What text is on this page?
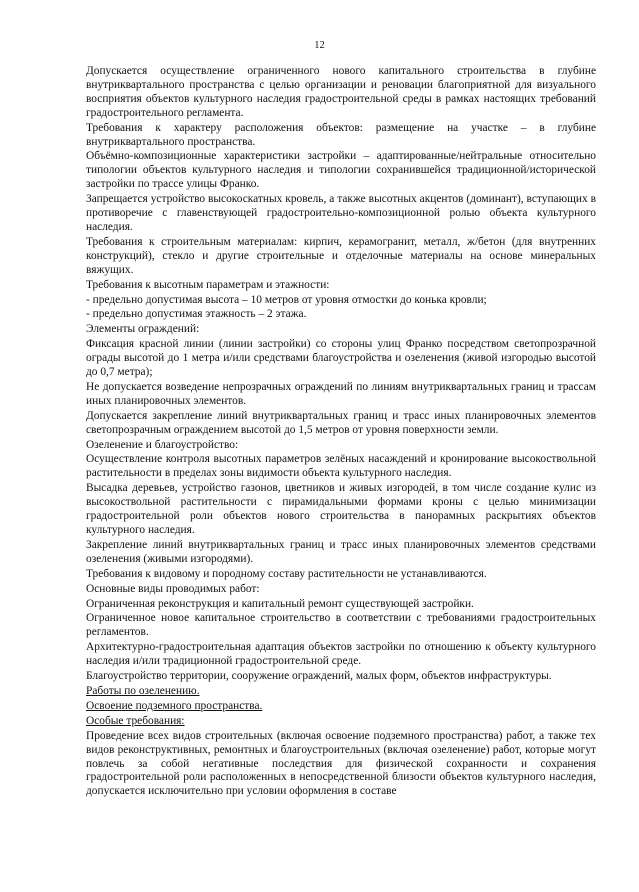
12

Допускается осуществление ограниченного нового капитального строительства в глубине внутриквартального пространства с целью организации и реновации благоприятной для визуального восприятия объектов культурного наследия градостроительной среды в рамках настоящих требований градостроительного регламента.

Требования к характеру расположения объектов: размещение на участке – в глубине внутриквартального пространства.

Объёмно-композиционные характеристики застройки – адаптированные/нейтральные относительно типологии объектов культурного наследия и типологии сохранившейся традиционной/исторической застройки по трассе улицы Франко.

Запрещается устройство высокоскатных кровель, а также высотных акцентов (доминант), вступающих в противоречие с главенствующей градостроительно-композиционной ролью объекта культурного наследия.

Требования к строительным материалам: кирпич, керамогранит, металл, ж/бетон (для внутренних конструкций), стекло и другие строительные и отделочные материалы на основе минеральных вяжущих.

Требования к высотным параметрам и этажности:

- предельно допустимая высота – 10 метров от уровня отмостки до конька кровли;

- предельно допустимая этажность – 2 этажа.

Элементы ограждений:

Фиксация красной линии (линии застройки) со стороны улиц Франко посредством светопрозрачной ограды высотой до 1 метра и/или средствами благоустройства и озеленения (живой изгородью высотой до 0,7 метра);

Не допускается возведение непрозрачных ограждений по линиям внутриквартальных границ и трассам иных планировочных элементов.

Допускается закрепление линий внутриквартальных границ и трасс иных планировочных элементов светопрозрачным ограждением высотой до 1,5 метров от уровня поверхности земли.

Озеленение и благоустройство:

Осуществление контроля высотных параметров зелёных насаждений и кронирование высокоствольной растительности в пределах зоны видимости объекта культурного наследия.

Высадка деревьев, устройство газонов, цветников и живых изгородей, в том числе создание кулис из высокоствольной растительности с пирамидальными формами кроны с целью минимизации градостроительной роли объектов нового строительства в панорамных раскрытиях объектов культурного наследия.

Закрепление линий внутриквартальных границ и трасс иных планировочных элементов средствами озеленения (живыми изгородями).

Требования к видовому и породному составу растительности не устанавливаются.

Основные виды проводимых работ:

Ограниченная реконструкция и капитальный ремонт существующей застройки.

Ограниченное новое капитальное строительство в соответствии с требованиями градостроительных регламентов.

Архитектурно-градостроительная адаптация объектов застройки по отношению к объекту культурного наследия и/или традиционной градостроительной среде.

Благоустройство территории, сооружение ограждений, малых форм, объектов инфраструктуры.

Работы по озеленению.

Освоение подземного пространства.

Особые требования:

Проведение всех видов строительных (включая освоение подземного пространства) работ, а также тех видов реконструктивных, ремонтных и благоустроительных (включая озеленение) работ, которые могут повлечь за собой негативные последствия для физической сохранности и сохранения градостроительной роли расположенных в непосредственной близости объектов культурного наследия, допускается исключительно при условии оформления в составе
